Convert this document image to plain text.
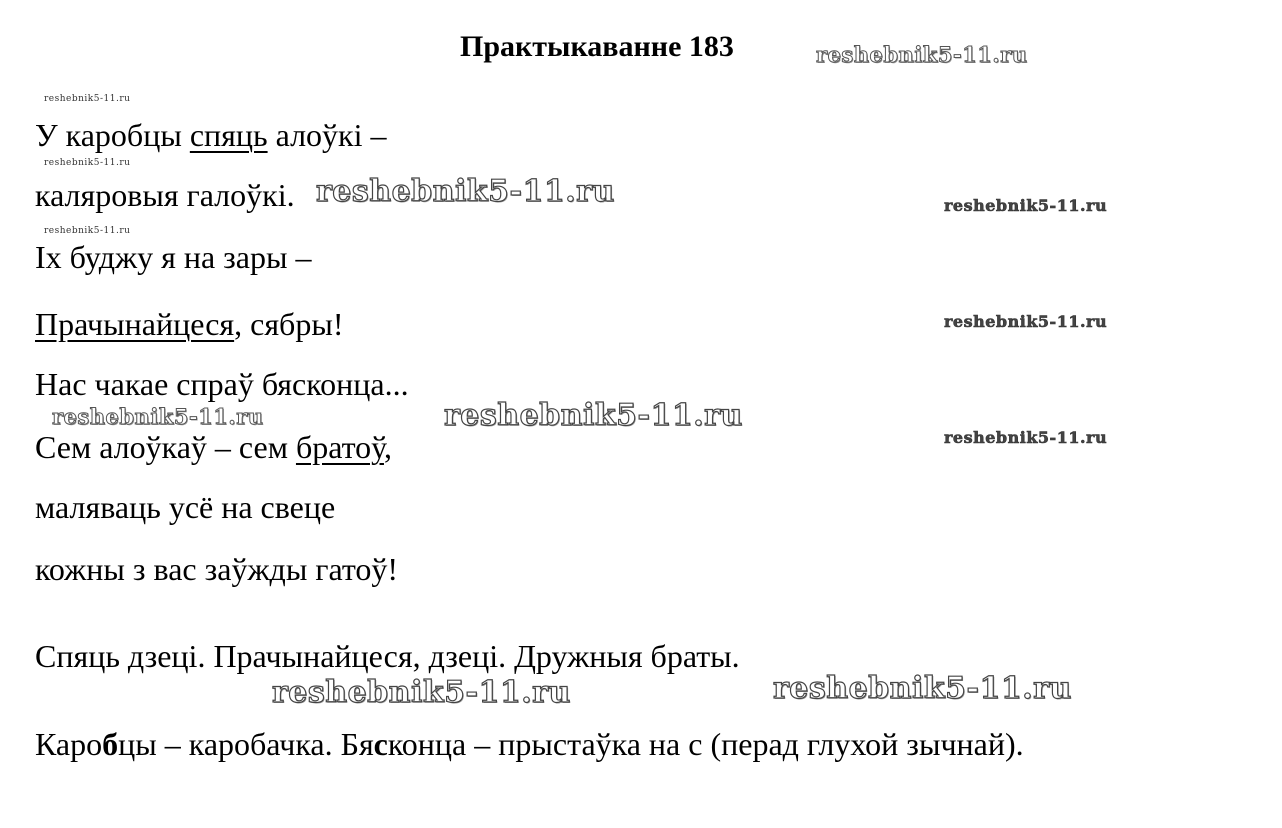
Практыкаванне 183
У каробцы спяць алоўкі –
каляровыя галоўкі.
Іх буджу я на зары –
Прачынайцеся, сябры!
Нас чакае спраў бясконца...
Сем алоўкаў – сем братоў,
маляваць усё на свеце
кожны з вас заўжды гатоў!
Спяць дзеці. Прачынайцеся, дзеці. Дружныя браты.
Каробцы – каробачка. Бясконца – прыстаўка на с (перад глухой зычнай).
reshebnik5-11.ru
reshebnik5-11.ru
reshebnik5-11.ru
reshebnik5-11.ru	reshebnik5-11.ru
reshebnik5-11.ru
reshebnik5-11.ru
reshebnik5-11.ru	reshebnik5-11.ru
reshebnik5-11.ru
reshebnik5-11.ru	reshebnik5-11.ru
